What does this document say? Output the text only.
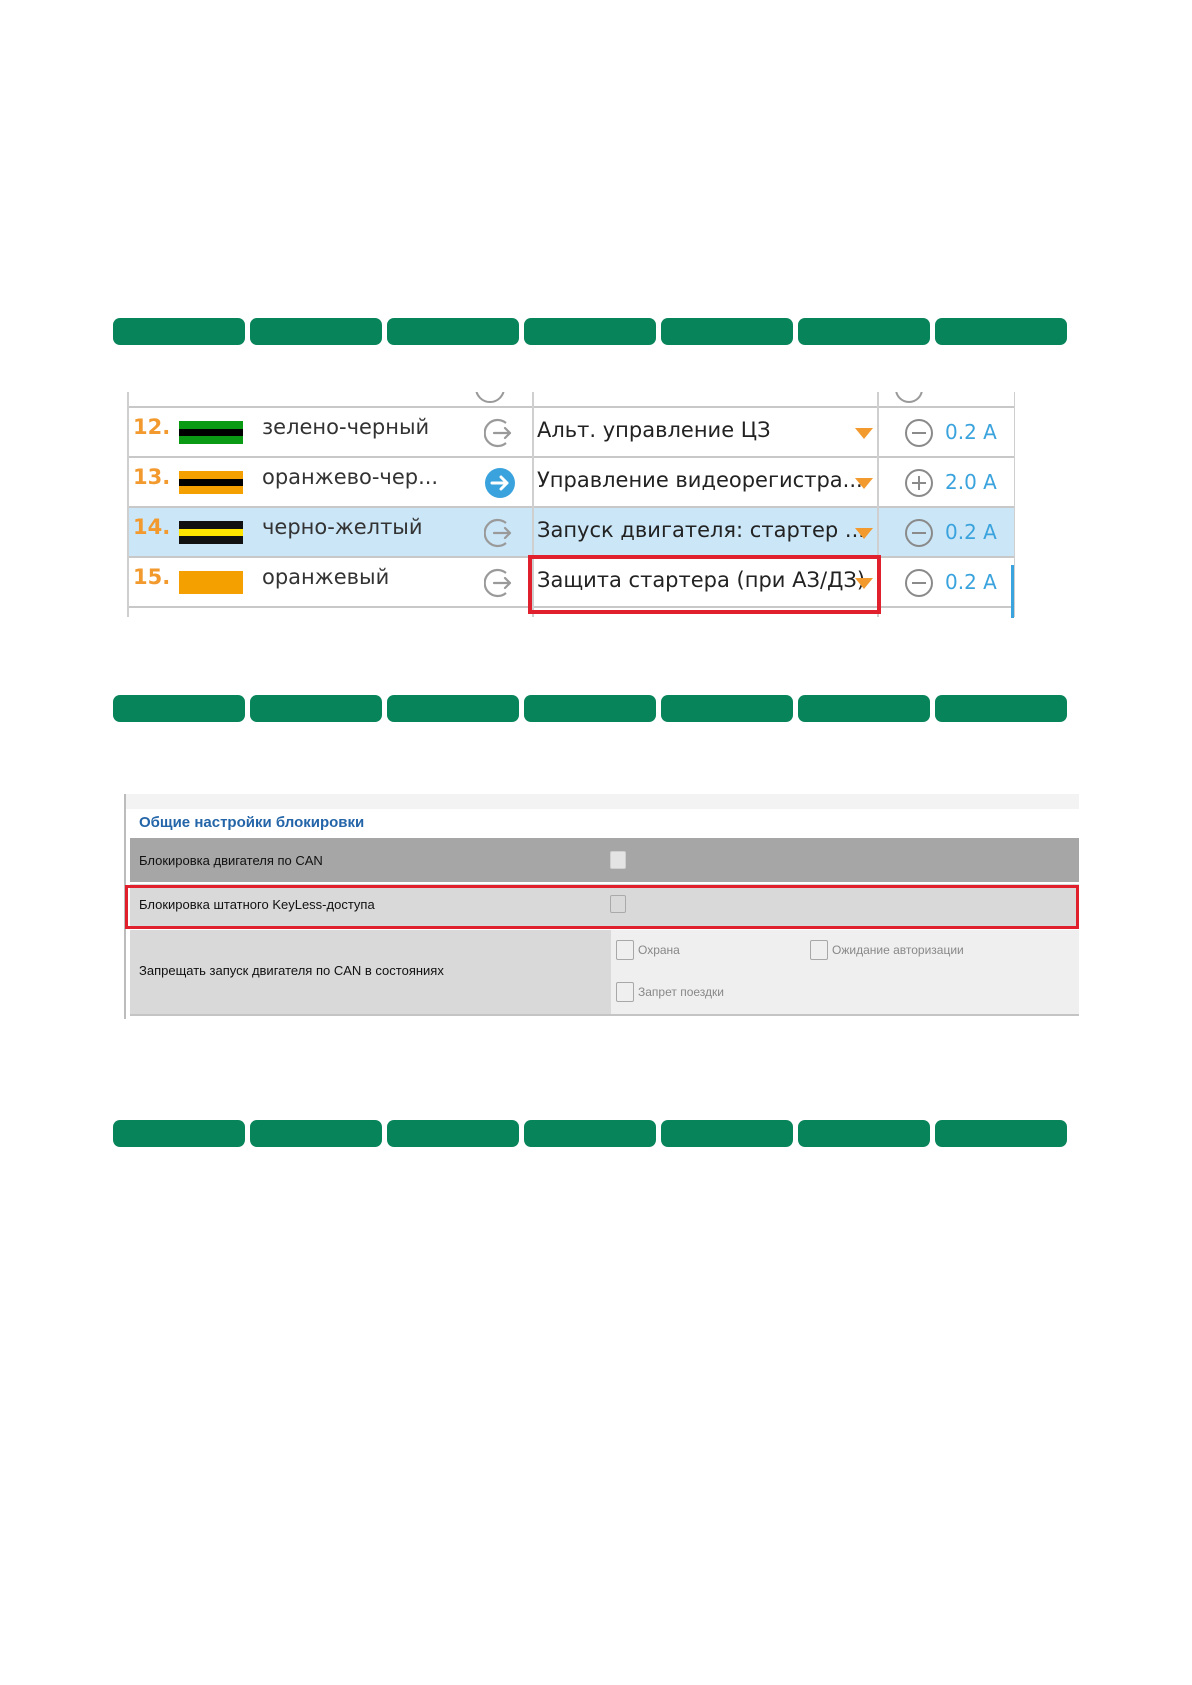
12.	зелено-черный	Альт. управление ЦЗ	0.2 A
13.	оранжево-чер...	Управление видеорегистра...	2.0 A
14.	черно-желтый	Запуск двигателя: стартер ...	0.2 A
15.	оранжевый	Защита стартера (при АЗ/ДЗ)	0.2 A
Общие настройки блокировки
Блокировка двигателя по CAN
Блокировка штатного KeyLess-доступа
Запрещать запуск двигателя по CAN в состояниях
Охрана	Ожидание авторизации
Запрет поездки
